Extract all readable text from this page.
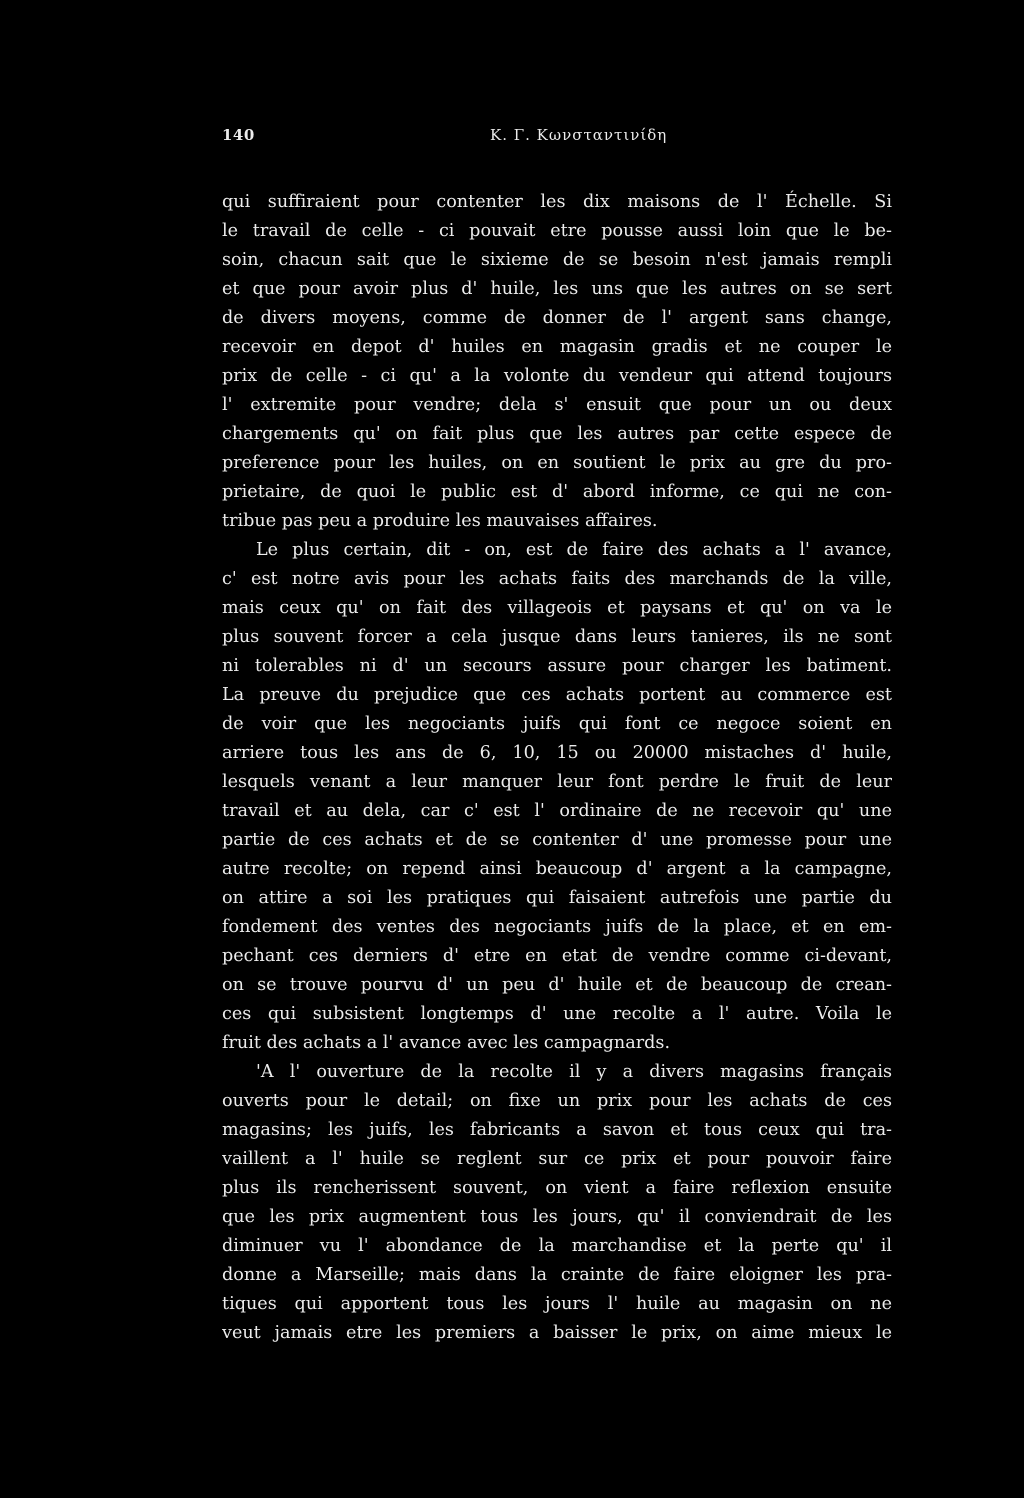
140	Κ. Γ. Κωνσταντινίδη
qui suffiraient pour contenter les dix maisons de l' Échelle. Si
le travail de celle - ci pouvait etre pousse aussi loin que le be-
soin, chacun sait que le sixieme de se besoin n'est jamais rempli
et que pour avoir plus d' huile, les uns que les autres on se sert
de divers moyens, comme de donner de l' argent sans change,
recevoir en depot d' huiles en magasin gradis et ne couper le
prix de celle - ci qu' a la volonte du vendeur qui attend toujours
l' extremite pour vendre; dela s' ensuit que pour un ou deux
chargements qu' on fait plus que les autres par cette espece de
preference pour les huiles, on en soutient le prix au gre du pro-
prietaire, de quoi le public est d' abord informe, ce qui ne con-
tribue pas peu a produire les mauvaises affaires.
Le plus certain, dit - on, est de faire des achats a l' avance,
c' est notre avis pour les achats faits des marchands de la ville,
mais ceux qu' on fait des villageois et paysans et qu' on va le
plus souvent forcer a cela jusque dans leurs tanieres, ils ne sont
ni tolerables ni d' un secours assure pour charger les batiment.
La preuve du prejudice que ces achats portent au commerce est
de voir que les negociants juifs qui font ce negoce soient en
arriere tous les ans de 6, 10, 15 ou 20000 mistaches d' huile,
lesquels venant a leur manquer leur font perdre le fruit de leur
travail et au dela, car c' est l' ordinaire de ne recevoir qu' une
partie de ces achats et de se contenter d' une promesse pour une
autre recolte; on repend ainsi beaucoup d' argent a la campagne,
on attire a soi les pratiques qui faisaient autrefois une partie du
fondement des ventes des negociants juifs de la place, et en em-
pechant ces derniers d' etre en etat de vendre comme ci-devant,
on se trouve pourvu d' un peu d' huile et de beaucoup de crean-
ces qui subsistent longtemps d' une recolte a l' autre. Voila le
fruit des achats a l' avance avec les campagnards.
'A l' ouverture de la recolte il y a divers magasins français
ouverts pour le detail; on fixe un prix pour les achats de ces
magasins; les juifs, les fabricants a savon et tous ceux qui tra-
vaillent a l' huile se reglent sur ce prix et pour pouvoir faire
plus ils rencherissent souvent, on vient a faire reflexion ensuite
que les prix augmentent tous les jours, qu' il conviendrait de les
diminuer vu l' abondance de la marchandise et la perte qu' il
donne a Marseille; mais dans la crainte de faire eloigner les pra-
tiques qui apportent tous les jours l' huile au magasin on ne
veut jamais etre les premiers a baisser le prix, on aime mieux le
